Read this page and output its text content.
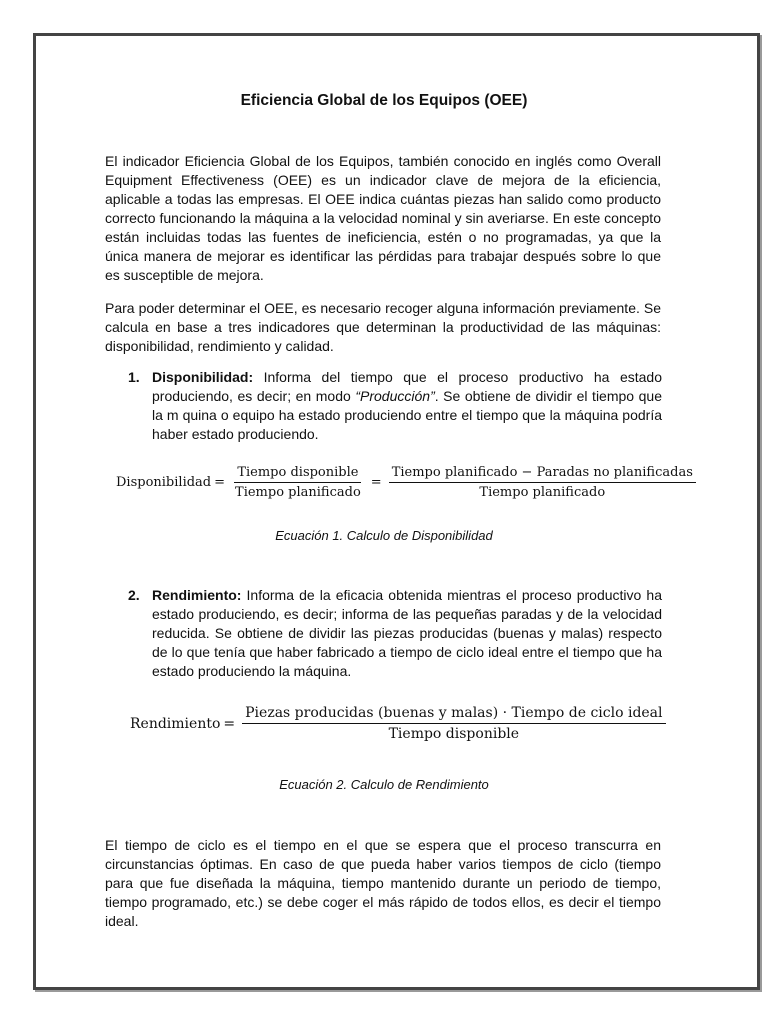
Eficiencia Global de los Equipos (OEE)

El indicador Eficiencia Global de los Equipos, también conocido en inglés como Overall Equipment Effectiveness (OEE) es un indicador clave de mejora de la eficiencia, aplicable a todas las empresas. El OEE indica cuántas piezas han salido como producto correcto funcionando la máquina a la velocidad nominal y sin averiarse. En este concepto están incluidas todas las fuentes de ineficiencia, estén o no programadas, ya que la única manera de mejorar es identificar las pérdidas para trabajar después sobre lo que es susceptible de mejora.

Para poder determinar el OEE, es necesario recoger alguna información previamente. Se calcula en base a tres indicadores que determinan la productividad de las máquinas: disponibilidad, rendimiento y calidad.

1. Disponibilidad: Informa del tiempo que el proceso productivo ha estado produciendo, es decir; en modo “Producción”. Se obtiene de dividir el tiempo que la m quina o equipo ha estado produciendo entre el tiempo que la máquina podría haber estado produciendo.
Disponibilidad = $\frac{\text{Tiempo disponible}}{\text{Tiempo planificado}} = \frac{\text{Tiempo planificado − Paradas no planificadas}}{\text{Tiempo planificado}}$
Ecuación 1. Calculo de Disponibilidad
2. Rendimiento: Informa de la eficacia obtenida mientras el proceso productivo ha estado produciendo, es decir; informa de las pequeñas paradas y de la velocidad reducida. Se obtiene de dividir las piezas producidas (buenas y malas) respecto de lo que tenía que haber fabricado a tiempo de ciclo ideal entre el tiempo que ha estado produciendo la máquina.
Rendimiento = $\frac{\text{Piezas producidas (buenas y malas) · Tiempo de ciclo ideal}}{\text{Tiempo disponible}}$
Ecuación 2. Calculo de Rendimiento

El tiempo de ciclo es el tiempo en el que se espera que el proceso transcurra en circunstancias óptimas. En caso de que pueda haber varios tiempos de ciclo (tiempo para que fue diseñada la máquina, tiempo mantenido durante un periodo de tiempo, tiempo programado, etc.) se debe coger el más rápido de todos ellos, es decir el tiempo ideal.
